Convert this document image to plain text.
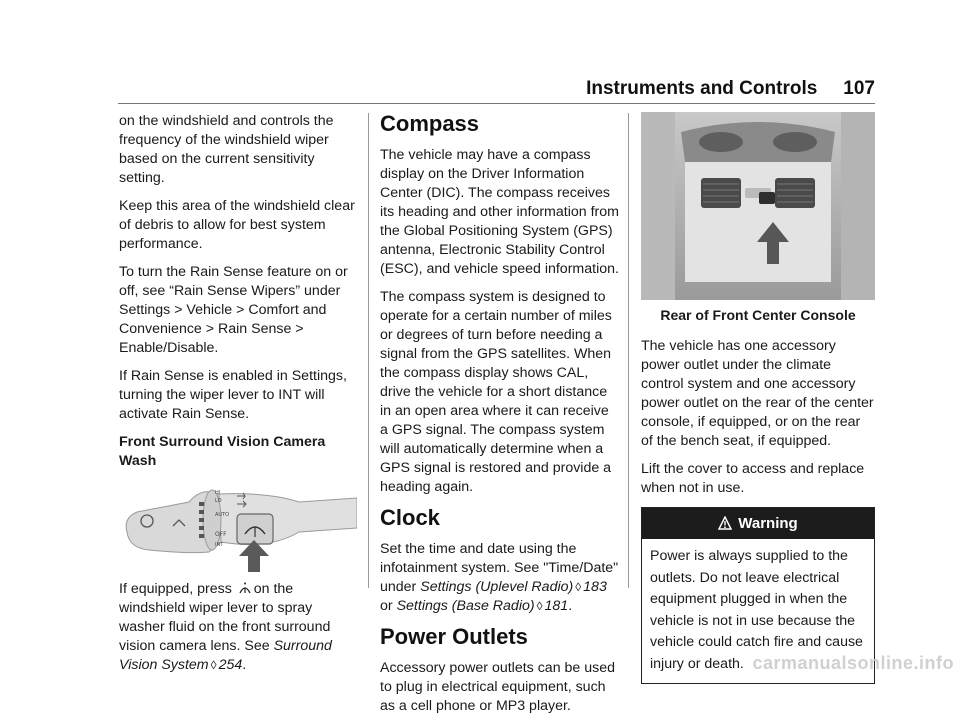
Instruments and Controls 107

on the windshield and controls the frequency of the windshield wiper based on the current sensitivity setting.

Keep this area of the windshield clear of debris to allow for best system performance.

To turn the Rain Sense feature on or off, see “Rain Sense Wipers” under Settings > Vehicle > Comfort and Convenience > Rain Sense > Enable/Disable.

If Rain Sense is enabled in Settings, turning the wiper lever to INT will activate Rain Sense.

Front Surround Vision Camera Wash

LO
HI
AUTO
OFF
INT

If equipped, press on the windshield wiper lever to spray washer fluid on the front surround vision camera lens. See Surround Vision System ◊ 254.

Compass

The vehicle may have a compass display on the Driver Information Center (DIC). The compass receives its heading and other information from the Global Positioning System (GPS) antenna, Electronic Stability Control (ESC), and vehicle speed information.

The compass system is designed to operate for a certain number of miles or degrees of turn before needing a signal from the GPS satellites. When the compass display shows CAL, drive the vehicle for a short distance in an open area where it can receive a GPS signal. The compass system will automatically determine when a GPS signal is restored and provide a heading again.

Clock

Set the time and date using the infotainment system. See "Time/Date" under Settings (Uplevel Radio) ◊ 183 or Settings (Base Radio) ◊ 181.

Power Outlets

Accessory power outlets can be used to plug in electrical equipment, such as a cell phone or MP3 player.

Rear of Front Center Console

The vehicle has one accessory power outlet under the climate control system and one accessory power outlet on the rear of the center console, if equipped, or on the rear of the bench seat, if equipped.

Lift the cover to access and replace when not in use.

Warning
Power is always supplied to the outlets. Do not leave electrical equipment plugged in when the vehicle is not in use because the vehicle could catch fire and cause injury or death. carmanualsonline.info
